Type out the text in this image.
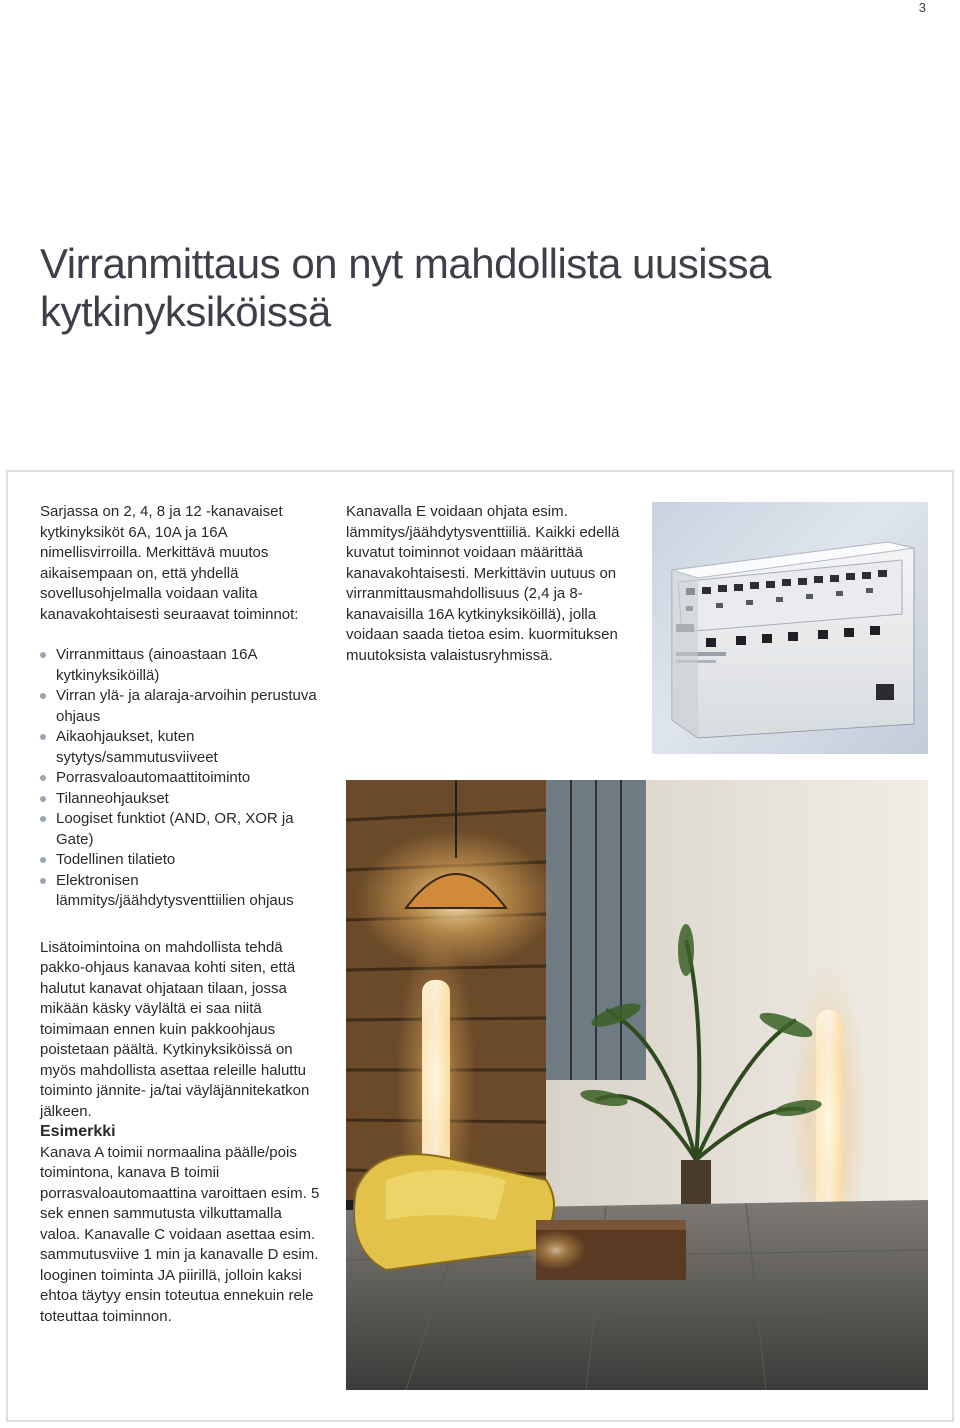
3
Virranmittaus on nyt mahdollista uusissa kytkinyksiköissä

Sarjassa on 2, 4, 8 ja 12 -kanavaiset kytkinyksiköt 6A, 10A ja 16A nimellisvirroilla. Merkittävä muutos aikaisempaan on, että yhdellä sovellusohjelmalla voidaan valita kanavakohtaisesti seuraavat toiminnot:

Virranmittaus (ainoastaan 16A kytkinyksiköillä)
Virran ylä- ja alaraja-arvoihin perustuva ohjaus
Aikaohjaukset, kuten sytytys/sammutusviiveet
Porrasvaloautomaattitoiminto
Tilanneohjaukset
Loogiset funktiot (AND, OR, XOR ja Gate)
Todellinen tilatieto
Elektronisen lämmitys/jäähdytysventtiilien ohjaus

Lisätoimintoina on mahdollista tehdä pakko-ohjaus kanavaa kohti siten, että halutut kanavat ohjataan tilaan, jossa mikään käsky väylältä ei saa niitä toimimaan ennen kuin pakkoohjaus poistetaan päältä. Kytkinyksiköissä on myös mahdollista asettaa releille haluttu toiminto jännite- ja/tai väyläjännitekatkon jälkeen.

Esimerkki

Kanava A toimii normaalina päälle/pois toimintona, kanava B toimii porrasvaloautomaattina varoittaen esim. 5 sek ennen sammutusta vilkuttamalla valoa. Kanavalle C voidaan asettaa esim. sammutusviive 1 min ja kanavalle D esim. looginen toiminta JA piirillä, jolloin kaksi ehtoa täytyy ensin toteutua ennekuin rele toteuttaa toiminnon.

Kanavalla E voidaan ohjata esim. lämmitys/jäähdytysventtiiliä. Kaikki edellä kuvatut toiminnot voidaan määrittää kanavakohtaisesti. Merkittävin uutuus on virranmittausmahdollisuus (2,4 ja 8-kanavaisilla 16A kytkinyksiköillä), jolla voidaan saada tietoa esim. kuormituksen muutoksista valaistusryhmissä.
